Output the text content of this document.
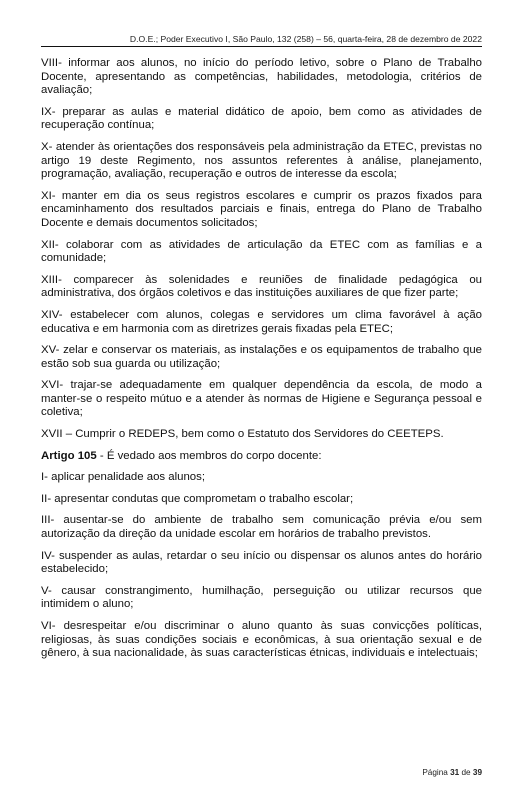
D.O.E.; Poder Executivo I, São Paulo, 132 (258) – 56, quarta-feira, 28 de dezembro de 2022

VIII- informar aos alunos, no início do período letivo, sobre o Plano de Trabalho Docente, apresentando as competências, habilidades, metodologia, critérios de avaliação;

IX- preparar as aulas e material didático de apoio, bem como as atividades de recuperação contínua;

X- atender às orientações dos responsáveis pela administração da ETEC, previstas no artigo 19 deste Regimento, nos assuntos referentes à análise, planejamento, programação, avaliação, recuperação e outros de interesse da escola;

XI- manter em dia os seus registros escolares e cumprir os prazos fixados para encaminhamento dos resultados parciais e finais, entrega do Plano de Trabalho Docente e demais documentos solicitados;

XII- colaborar com as atividades de articulação da ETEC com as famílias e a comunidade;

XIII- comparecer às solenidades e reuniões de finalidade pedagógica ou administrativa, dos órgãos coletivos e das instituições auxiliares de que fizer parte;

XIV- estabelecer com alunos, colegas e servidores um clima favorável à ação educativa e em harmonia com as diretrizes gerais fixadas pela ETEC;

XV- zelar e conservar os materiais, as instalações e os equipamentos de trabalho que estão sob sua guarda ou utilização;

XVI- trajar-se adequadamente em qualquer dependência da escola, de modo a manter-se o respeito mútuo e a atender às normas de Higiene e Segurança pessoal e coletiva;

XVII – Cumprir o REDEPS, bem como o Estatuto dos Servidores do CEETEPS.

Artigo 105 - É vedado aos membros do corpo docente:

I- aplicar penalidade aos alunos;

II- apresentar condutas que comprometam o trabalho escolar;

III- ausentar-se do ambiente de trabalho sem comunicação prévia e/ou sem autorização da direção da unidade escolar em horários de trabalho previstos.

IV- suspender as aulas, retardar o seu início ou dispensar os alunos antes do horário estabelecido;

V- causar constrangimento, humilhação, perseguição ou utilizar recursos que intimidem o aluno;

VI- desrespeitar e/ou discriminar o aluno quanto às suas convicções políticas, religiosas, às suas condições sociais e econômicas, à sua orientação sexual e de gênero, à sua nacionalidade, às suas características étnicas, individuais e intelectuais;

Página 31 de 39
